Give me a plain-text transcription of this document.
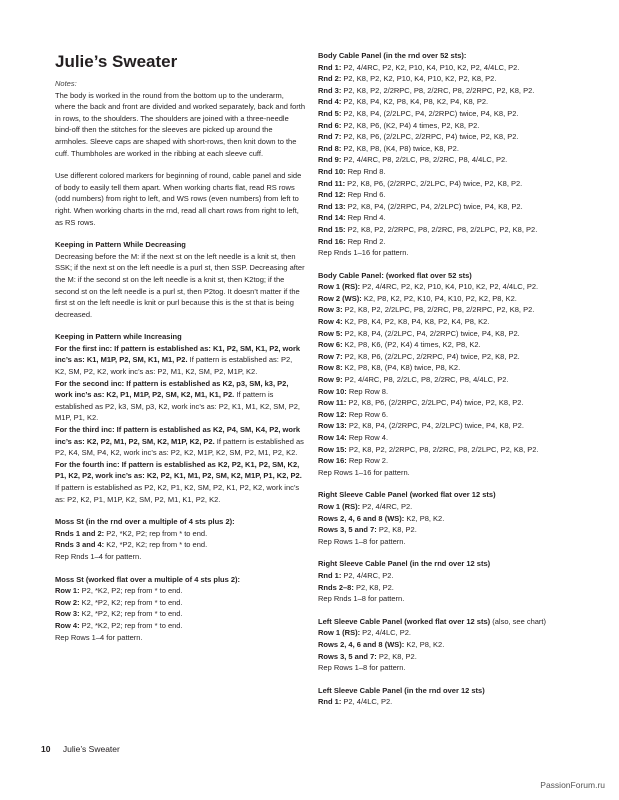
Julie’s Sweater

Notes:

The body is worked in the round from the bottom up to the underarm, where the back and front are divided and worked separately, back and forth in rows, to the shoulders. The shoulders are joined with a three-needle bind-off then the stitches for the sleeves are picked up around the armholes. Sleeve caps are shaped with short-rows, then knit down to the cuff. Thumbholes are worked in the ribbing at each sleeve cuff.

Use different colored markers for beginning of round, cable panel and side of body to easily tell them apart. When working charts flat, read RS rows (odd numbers) from right to left, and WS rows (even numbers) from left to right. When working charts in the rnd, read all chart rows from right to left, as RS rows.

Keeping in Pattern While Decreasing

Decreasing before the M: if the next st on the left needle is a knit st, then SSK; if the next st on the left needle is a purl st, then SSP. Decreasing after the M: if the second st on the left needle is a knit st, then K2tog; if the second st on the left needle is a purl st, then P2tog. It doesn’t matter if the first st on the left needle is knit or purl because this is the st that is being decreased.

Keeping in Pattern while Increasing

For the first inc: If pattern is established as: K1, P2, SM, K1, P2, work inc’s as: K1, M1P, P2, SM, K1, M1, P2. If pattern is established as: P2, K2, SM, P2, K2, work inc’s as: P2, M1, K2, SM, P2, M1P, K2.

For the second inc: If pattern is established as K2, p3, SM, k3, P2, work inc’s as: K2, P1, M1P, P2, SM, K2, M1, K1, P2. If pattern is established as P2, k3, SM, p3, K2, work inc’s as: P2, K1, M1, K2, SM, P2, M1P, P1, K2.

For the third inc: If pattern is established as K2, P4, SM, K4, P2, work inc’s as: K2, P2, M1, P2, SM, K2, M1P, K2, P2. If pattern is established as P2, K4, SM, P4, K2, work inc’s as: P2, K2, M1P, K2, SM, P2, M1, P2, K2.

For the fourth inc: If pattern is established as K2, P2, K1, P2, SM, K2, P1, K2, P2, work inc’s as: K2, P2, K1, M1, P2, SM, K2, M1P, P1, K2, P2. If pattern is established as P2, K2, P1, K2, SM, P2, K1, P2, K2, work inc’s as: P2, K2, P1, M1P, K2, SM, P2, M1, K1, P2, K2.

Moss St (in the rnd over a multiple of 4 sts plus 2):

Rnds 1 and 2: P2, *K2, P2; rep from * to end.

Rnds 3 and 4: K2, *P2, K2; rep from * to end.

Rep Rnds 1–4 for pattern.

Moss St (worked flat over a multiple of 4 sts plus 2):

Row 1: P2, *K2, P2; rep from * to end.

Row 2: K2, *P2, K2; rep from * to end.

Row 3: K2, *P2, K2; rep from * to end.

Row 4: P2, *K2, P2; rep from * to end.

Rep Rows 1–4 for pattern.

Body Cable Panel (in the rnd over 52 sts):

Rnd 1: P2, 4/4RC, P2, K2, P10, K4, P10, K2, P2, 4/4LC, P2.

Rnd 2: P2, K8, P2, K2, P10, K4, P10, K2, P2, K8, P2.

Rnd 3: P2, K8, P2, 2/2RPC, P8, 2/2RC, P8, 2/2RPC, P2, K8, P2.

Rnd 4: P2, K8, P4, K2, P8, K4, P8, K2, P4, K8, P2.

Rnd 5: P2, K8, P4, (2/2LPC, P4, 2/2RPC) twice, P4, K8, P2.

Rnd 6: P2, K8, P6, (K2, P4) 4 times, P2, K8, P2.

Rnd 7: P2, K8, P6, (2/2LPC, 2/2RPC, P4) twice, P2, K8, P2.

Rnd 8: P2, K8, P8, (K4, P8) twice, K8, P2.

Rnd 9: P2, 4/4RC, P8, 2/2LC, P8, 2/2RC, P8, 4/4LC, P2.

Rnd 10: Rep Rnd 8.

Rnd 11: P2, K8, P6, (2/2RPC, 2/2LPC, P4) twice, P2, K8, P2.

Rnd 12: Rep Rnd 6.

Rnd 13: P2, K8, P4, (2/2RPC, P4, 2/2LPC) twice, P4, K8, P2.

Rnd 14: Rep Rnd 4.

Rnd 15: P2, K8, P2, 2/2RPC, P8, 2/2RC, P8, 2/2LPC, P2, K8, P2.

Rnd 16: Rep Rnd 2.

Rep Rnds 1–16 for pattern.

Body Cable Panel: (worked flat over 52 sts)

Row 1 (RS): P2, 4/4RC, P2, K2, P10, K4, P10, K2, P2, 4/4LC, P2.

Row 2 (WS): K2, P8, K2, P2, K10, P4, K10, P2, K2, P8, K2.

Row 3: P2, K8, P2, 2/2LPC, P8, 2/2RC, P8, 2/2RPC, P2, K8, P2.

Row 4: K2, P8, K4, P2, K8, P4, K8, P2, K4, P8, K2.

Row 5: P2, K8, P4, (2/2LPC, P4, 2/2RPC) twice, P4, K8, P2.

Row 6: K2, P8, K6, (P2, K4) 4 times, K2, P8, K2.

Row 7: P2, K8, P6, (2/2LPC, 2/2RPC, P4) twice, P2, K8, P2.

Row 8: K2, P8, K8, (P4, K8) twice, P8, K2.

Row 9: P2, 4/4RC, P8, 2/2LC, P8, 2/2RC, P8, 4/4LC, P2.

Row 10: Rep Row 8.

Row 11: P2, K8, P6, (2/2RPC, 2/2LPC, P4) twice, P2, K8, P2.

Row 12: Rep Row 6.

Row 13: P2, K8, P4, (2/2RPC, P4, 2/2LPC) twice, P4, K8, P2.

Row 14: Rep Row 4.

Row 15: P2, K8, P2, 2/2RPC, P8, 2/2RC, P8, 2/2LPC, P2, K8, P2.

Row 16: Rep Row 2.

Rep Rows 1–16 for pattern.

Right Sleeve Cable Panel (worked flat over 12 sts)

Row 1 (RS): P2, 4/4RC, P2.

Rows 2, 4, 6 and 8 (WS): K2, P8, K2.

Rows 3, 5 and 7: P2, K8, P2.

Rep Rows 1–8 for pattern.

Right Sleeve Cable Panel (in the rnd over 12 sts)

Rnd 1: P2, 4/4RC, P2.

Rnds 2–8: P2, K8, P2.

Rep Rnds 1–8 for pattern.

Left Sleeve Cable Panel (worked flat over 12 sts) (also, see chart)

Row 1 (RS): P2, 4/4LC, P2.

Rows 2, 4, 6 and 8 (WS): K2, P8, K2.

Rows 3, 5 and 7: P2, K8, P2.

Rep Rows 1–8 for pattern.

Left Sleeve Cable Panel (in the rnd over 12 sts)

Rnd 1: P2, 4/4LC, P2.

10 Julie’s Sweater
PassionForum.ru
